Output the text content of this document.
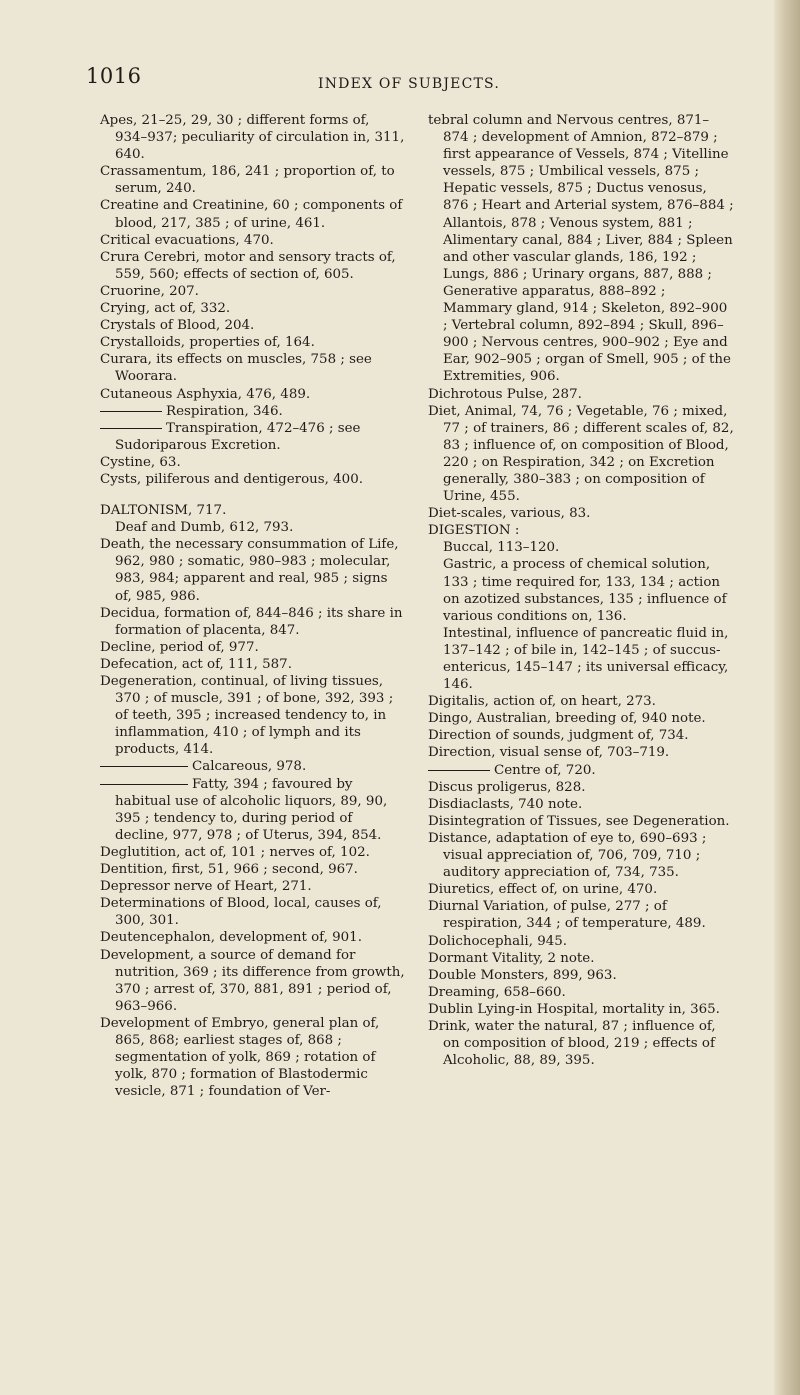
1016	INDEX OF SUBJECTS.

Apes, 21–25, 29, 30 ; different forms of, 934–937; peculiarity of circulation in, 311, 640.

Crassamentum, 186, 241 ; proportion of, to serum, 240.

Creatine and Creatinine, 60 ; components of blood, 217, 385 ; of urine, 461.

Critical evacuations, 470.

Crura Cerebri, motor and sensory tracts of, 559, 560; effects of section of, 605.

Cruorine, 207.

Crying, act of, 332.

Crystals of Blood, 204.

Crystalloids, properties of, 164.

Curara, its effects on muscles, 758 ; see Woorara.

Cutaneous Asphyxia, 476, 489.

Respiration, 346.

Transpiration, 472–476 ; see Sudoriparous Excretion.

Cystine, 63.

Cysts, piliferous and dentigerous, 400.

DALTONISM, 717.

Deaf and Dumb, 612, 793.

Death, the necessary consummation of Life, 962, 980 ; somatic, 980–983 ; molecular, 983, 984; apparent and real, 985 ; signs of, 985, 986.

Decidua, formation of, 844–846 ; its share in formation of placenta, 847.

Decline, period of, 977.

Defecation, act of, 111, 587.

Degeneration, continual, of living tissues, 370 ; of muscle, 391 ; of bone, 392, 393 ; of teeth, 395 ; increased tendency to, in inflammation, 410 ; of lymph and its products, 414.

Calcareous, 978.

Fatty, 394 ; favoured by habitual use of alcoholic liquors, 89, 90, 395 ; tendency to, during period of decline, 977, 978 ; of Uterus, 394, 854.

Deglutition, act of, 101 ; nerves of, 102.

Dentition, first, 51, 966 ; second, 967.

Depressor nerve of Heart, 271.

Determinations of Blood, local, causes of, 300, 301.

Deutencephalon, development of, 901.

Development, a source of demand for nutrition, 369 ; its difference from growth, 370 ; arrest of, 370, 881, 891 ; period of, 963–966.

Development of Embryo, general plan of, 865, 868; earliest stages of, 868 ; segmentation of yolk, 869 ; rotation of yolk, 870 ; formation of Blastodermic vesicle, 871 ; foundation of Ver-

tebral column and Nervous centres, 871–874 ; development of Amnion, 872–879 ; first appearance of Vessels, 874 ; Vitelline vessels, 875 ; Umbilical vessels, 875 ; Hepatic vessels, 875 ; Ductus venosus, 876 ; Heart and Arterial system, 876–884 ; Allantois, 878 ; Venous system, 881 ; Alimentary canal, 884 ; Liver, 884 ; Spleen and other vascular glands, 186, 192 ; Lungs, 886 ; Urinary organs, 887, 888 ; Generative apparatus, 888–892 ; Mammary gland, 914 ; Skeleton, 892–900 ; Vertebral column, 892–894 ; Skull, 896–900 ; Nervous centres, 900–902 ; Eye and Ear, 902–905 ; organ of Smell, 905 ; of the Extremities, 906.

Dichrotous Pulse, 287.

Diet, Animal, 74, 76 ; Vegetable, 76 ; mixed, 77 ; of trainers, 86 ; different scales of, 82, 83 ; influence of, on composition of Blood, 220 ; on Respiration, 342 ; on Excretion generally, 380–383 ; on composition of Urine, 455.

Diet-scales, various, 83.

DIGESTION :

Buccal, 113–120.

Gastric, a process of chemical solution, 133 ; time required for, 133, 134 ; action on azotized substances, 135 ; influence of various conditions on, 136.

Intestinal, influence of pancreatic fluid in, 137–142 ; of bile in, 142–145 ; of succus-entericus, 145–147 ; its universal efficacy, 146.

Digitalis, action of, on heart, 273.

Dingo, Australian, breeding of, 940 note.

Direction of sounds, judgment of, 734.

Direction, visual sense of, 703–719.

Centre of, 720.

Discus proligerus, 828.

Disdiaclasts, 740 note.

Disintegration of Tissues, see Degeneration.

Distance, adaptation of eye to, 690–693 ; visual appreciation of, 706, 709, 710 ; auditory appreciation of, 734, 735.

Diuretics, effect of, on urine, 470.

Diurnal Variation, of pulse, 277 ; of respiration, 344 ; of temperature, 489.

Dolichocephali, 945.

Dormant Vitality, 2 note.

Double Monsters, 899, 963.

Dreaming, 658–660.

Dublin Lying-in Hospital, mortality in, 365.

Drink, water the natural, 87 ; influence of, on composition of blood, 219 ; effects of Alcoholic, 88, 89, 395.
